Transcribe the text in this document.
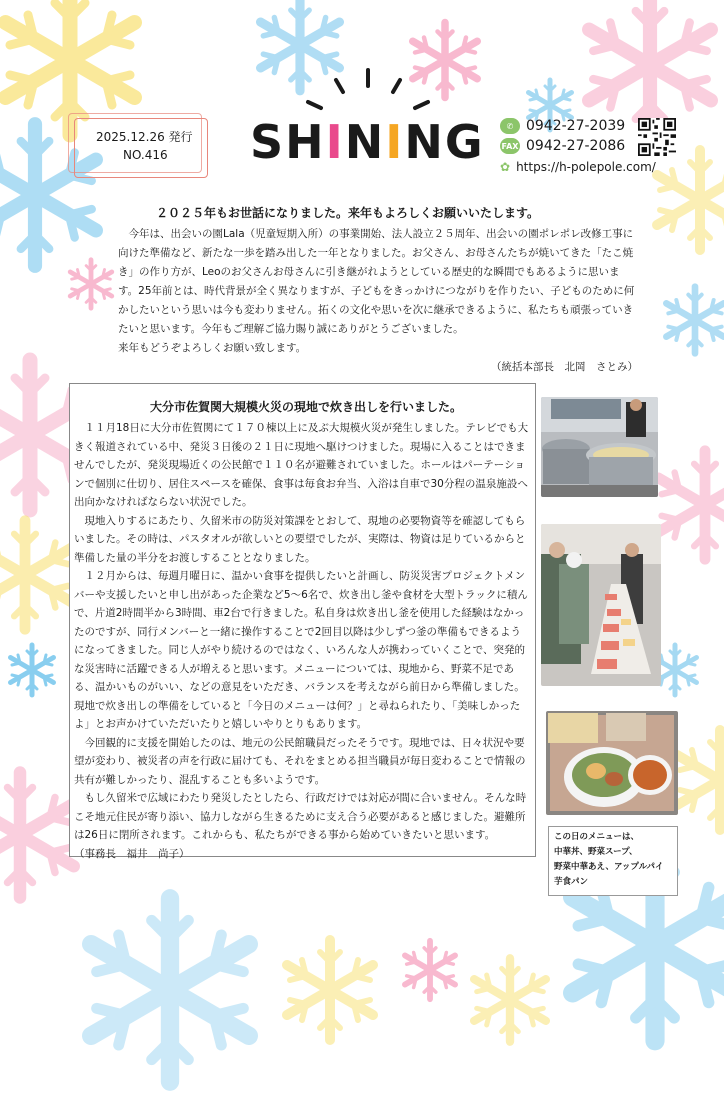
2025.12.26 発行
NO.416 SHINING	✆ 0942-27-2039
FAX 0942-27-2086
✿ https://h-polepole.com/
２０２５年もお世話になりました。来年もよろしくお願いいたします。

今年は、出会いの園Lala（児童短期入所）の事業開始、法人設立２５周年、出会いの園ポレポレ改修工事に向けた準備など、新たな一歩を踏み出した一年となりました。お父さん、お母さんたちが焼いてきた「たこ焼き」の作り方が、Leoのお父さんお母さんに引き継がれようとしている歴史的な瞬間でもあるように思います。25年前とは、時代背景が全く異なりますが、子どもをきっかけにつながりを作りたい、子どものために何かしたいという思いは今も変わりません。拓くの文化や思いを次に継承できるように、私たちも頑張っていきたいと思います。今年もご理解ご協力賜り誠にありがとうございました。

来年もどうぞよろしくお願い致します。

（統括本部長　北岡　さとみ）

大分市佐賀関大規模火災の現地で炊き出しを行いました。

１１月18日に大分市佐賀関にて１７０棟以上に及ぶ大規模火災が発生しました。テレビでも大きく報道されている中、発災３日後の２１日に現地へ駆けつけました。現場に入ることはできませんでしたが、発災現場近くの公民館で１１０名が避難されていました。ホールはパーテーションで個別に仕切り、居住スペースを確保、食事は毎食お弁当、入浴は自車で30分程の温泉施設へ出向かなければならない状況でした。

現地入りするにあたり、久留米市の防災対策課をとおして、現地の必要物資等を確認してもらいました。その時は、パスタオルが欲しいとの要望でしたが、実際は、物資は足りているからと準備した量の半分をお渡しすることとなりました。

１２月からは、毎週月曜日に、温かい食事を提供したいと計画し、防災災害プロジェクトメンバーや支援したいと申し出があった企業など5～6名で、炊き出し釜や食材を大型トラックに積んで、片道2時間半から3時間、車2台で行きました。私自身は炊き出し釜を使用した経験はなかったのですが、同行メンバーと一緒に操作することで2回目以降は少しずつ釜の準備もできるようになってきました。同じ人がやり続けるのではなく、いろんな人が携わっていくことで、突発的な災害時に活躍できる人が増えると思います。メニューについては、現地から、野菜不足である、温かいものがいい、などの意見をいただき、バランスを考えながら前日から準備しました。現地で炊き出しの準備をしていると「今日のメニューは何？」と尋ねられたり、「美味しかったよ」とお声かけていただいたりと嬉しいやりとりもあります。

今回観的に支援を開始したのは、地元の公民館職員だったそうです。現地では、日々状況や要望が変わり、被災者の声を行政に届けても、それをまとめる担当職員が毎日変わることで情報の共有が難しかったり、混乱することも多いようです。

もし久留米で広域にわたり発災したとしたら、行政だけでは対応が間に合いません。そんな時こそ地元住民が寄り添い、協力しながら生きるために支え合う必要があると感じました。避難所は26日に閉所されます。これからも、私たちができる事から始めていきたいと思います。

（事務長　福井　尚子）

この日のメニューは、
中華丼、野菜スープ、
野菜中華あえ、アップルパイ
芋食パン
